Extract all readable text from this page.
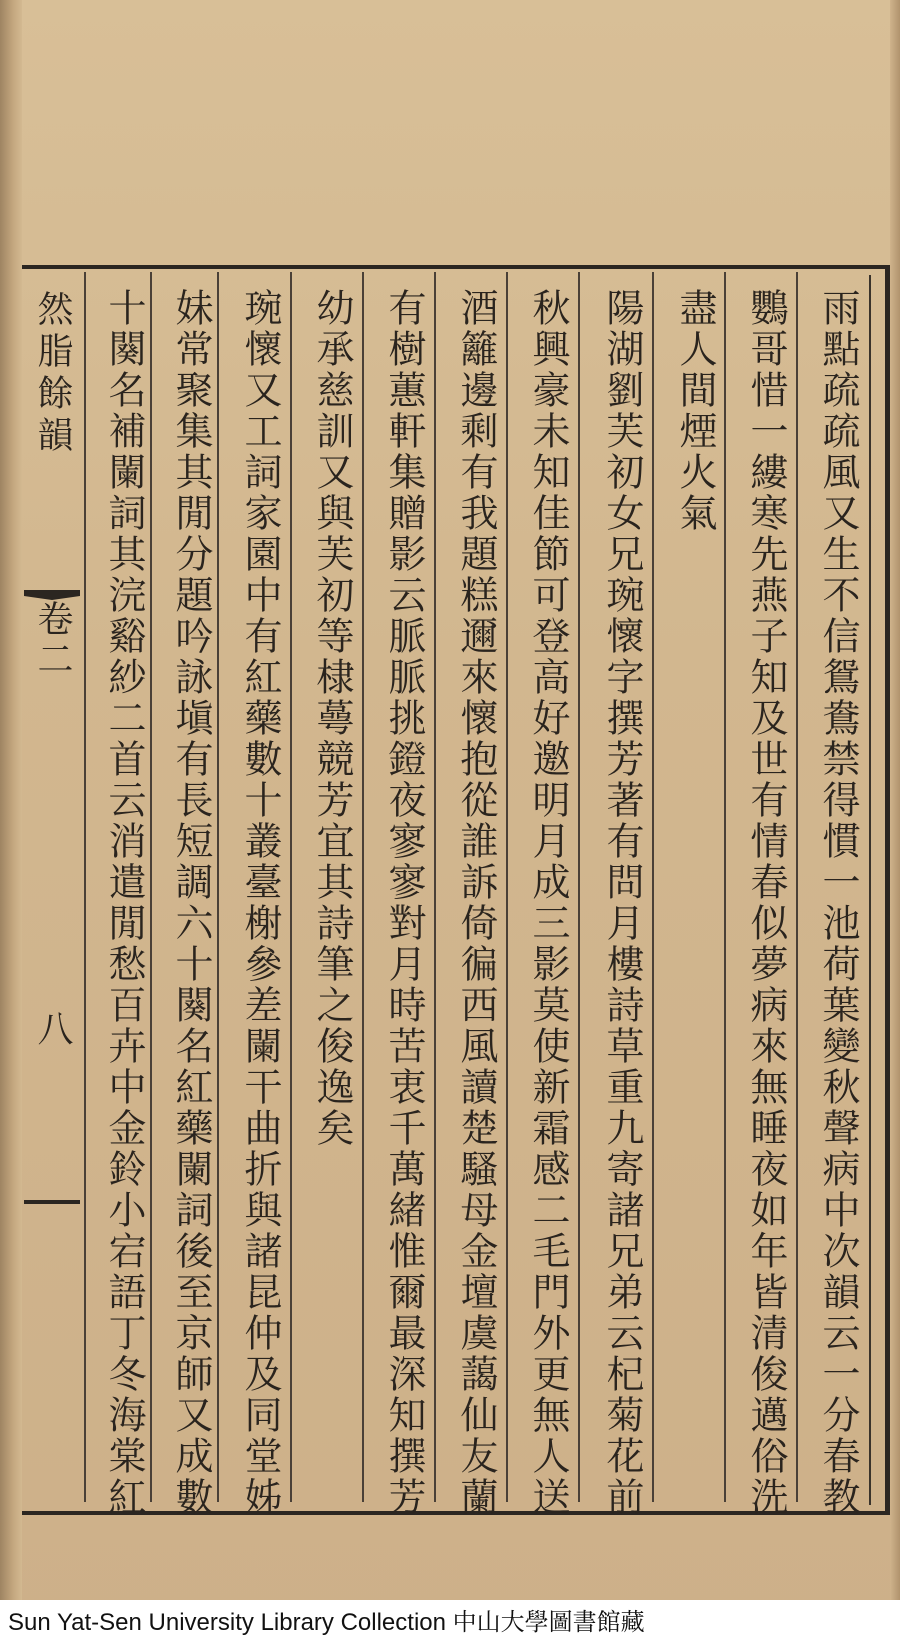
然脂餘韻
卷二
八	雨點疏疏風又生不信鴛鴦禁得慣一池荷葉變秋聲病中次韻云一分春教
鸚哥惜一縷寒先燕子知及世有情春似夢病來無睡夜如年皆清俊邁俗洗
盡人間煙火氣
陽湖劉芙初女兄琬懷字撰芳著有問月樓詩草重九寄諸兄弟云杞菊花前
秋興豪未知佳節可登高好邀明月成三影莫使新霜感二毛門外更無人送
酒籬邊剩有我題糕邇來懷抱從誰訴倚徧西風讀楚騷母金壇虞藹仙友蘭
有樹蕙軒集贈影云脈脈挑鐙夜寥寥對月時苦衷千萬緒惟爾最深知撰芳
幼承慈訓又與芙初等棣蕚競芳宜其詩筆之俊逸矣
琬懷又工詞家園中有紅藥數十叢臺榭參差闌干曲折與諸昆仲及同堂姊
妹常聚集其閒分題吟詠塡有長短調六十闋名紅藥闌詞後至京師又成數
十闋名補闌詞其浣谿紗二首云消遣閒愁百卉中金鈴小宕語丁冬海棠紅
Sun Yat-Sen University Library Collection 中山大學圖書館藏
